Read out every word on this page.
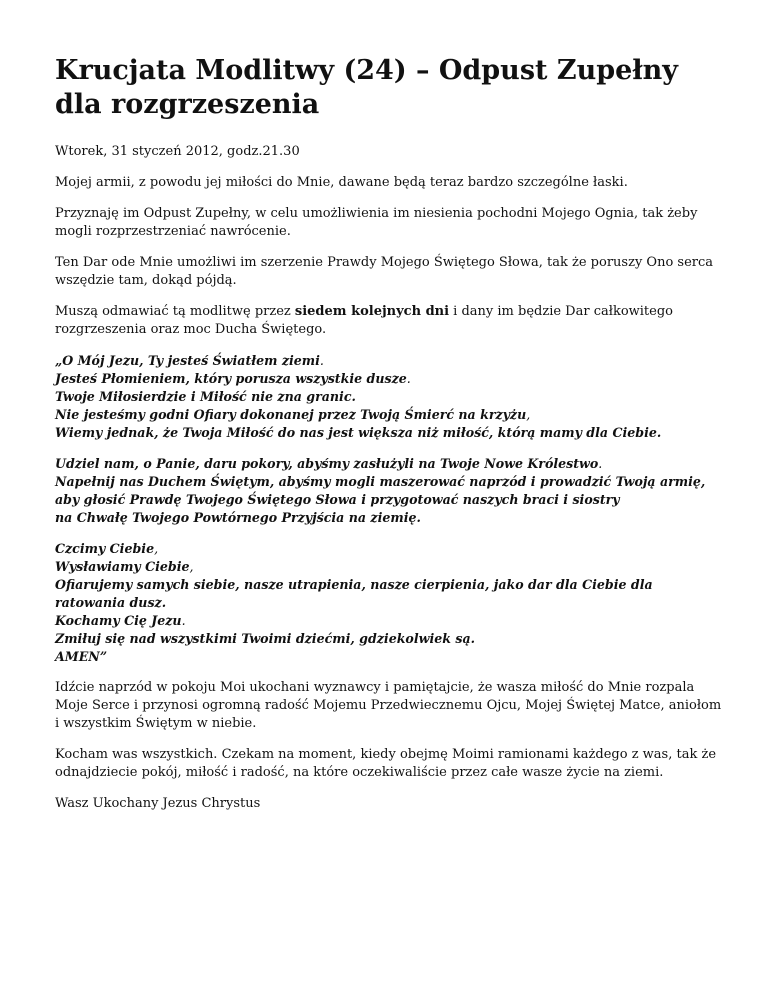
Krucjata Modlitwy (24) – Odpust Zupełny dla rozgrzeszenia

Wtorek, 31 styczeń 2012, godz.21.30

Mojej armii, z powodu jej miłości do Mnie, dawane będą teraz bardzo szczególne łaski.

Przyznaję im Odpust Zupełny, w celu umożliwienia im niesienia pochodni Mojego Ognia, tak żeby mogli rozprzestrzeniać nawrócenie.

Ten Dar ode Mnie umożliwi im szerzenie Prawdy Mojego Świętego Słowa, tak że poruszy Ono serca wszędzie tam, dokąd pójdą.

Muszą odmawiać tą modlitwę przez siedem kolejnych dni i dany im będzie Dar całkowitego rozgrzeszenia oraz moc Ducha Świętego.

„O Mój Jezu, Ty jesteś Światłem ziemi.
Jesteś Płomieniem, który porusza wszystkie dusze.
Twoje Miłosierdzie i Miłość nie zna granic.
Nie jesteśmy godni Ofiary dokonanej przez Twoją Śmierć na krzyżu,
Wiemy jednak, że Twoja Miłość do nas jest większa niż miłość, którą mamy dla Ciebie.
Udziel nam, o Panie, daru pokory, abyśmy zasłużyli na Twoje Nowe Królestwo.
Napełnij nas Duchem Świętym, abyśmy mogli maszerować naprzód i prowadzić Twoją armię,
aby głosić Prawdę Twojego Świętego Słowa i przygotować naszych braci i siostry
na Chwałę Twojego Powtórnego Przyjścia na ziemię.
Czcimy Ciebie,
Wysławiamy Ciebie,
Ofiarujemy samych siebie, nasze utrapienia, nasze cierpienia, jako dar dla Ciebie dla ratowania dusz.
Kochamy Cię Jezu.
Zmiłuj się nad wszystkimi Twoimi dziećmi, gdziekolwiek są.
AMEN”

Idźcie naprzód w pokoju Moi ukochani wyznawcy i pamiętajcie, że wasza miłość do Mnie rozpala Moje Serce i przynosi ogromną radość Mojemu Przedwiecznemu Ojcu, Mojej Świętej Matce, aniołom i wszystkim Świętym w niebie.

Kocham was wszystkich. Czekam na moment, kiedy obejmę Moimi ramionami każdego z was, tak że odnajdziecie pokój, miłość i radość, na które oczekiwaliście przez całe wasze życie na ziemi.

Wasz Ukochany Jezus Chrystus
